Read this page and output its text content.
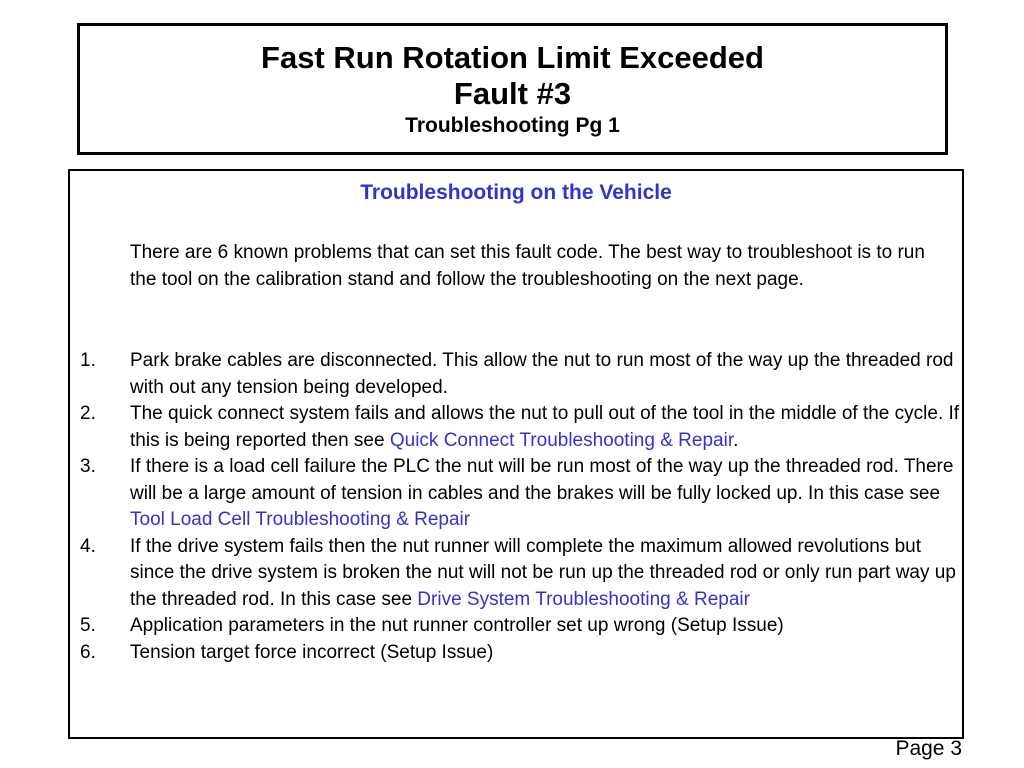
Fast Run Rotation Limit Exceeded
Fault #3
Troubleshooting Pg 1
Troubleshooting on the Vehicle
There are 6 known problems that can set this fault code. The best way to troubleshoot is to run the tool on the calibration stand and follow the troubleshooting on the next page.
1. Park brake cables are disconnected. This allow the nut to run most of the way up the threaded rod with out any tension being developed.
2. The quick connect system fails and allows the nut to pull out of the tool in the middle of the cycle. If this is being reported then see Quick Connect Troubleshooting & Repair.
3. If there is a load cell failure the PLC the nut will be run most of the way up the threaded rod. There will be a large amount of tension in cables and the brakes will be fully locked up. In this case see Tool Load Cell Troubleshooting & Repair
4. If the drive system fails then the nut runner will complete the maximum allowed revolutions but since the drive system is broken the nut will not be run up the threaded rod or only run part way up the threaded rod. In this case see Drive System Troubleshooting & Repair
5. Application parameters in the nut runner controller set up wrong (Setup Issue)
6. Tension target force incorrect (Setup Issue)
Page 3
